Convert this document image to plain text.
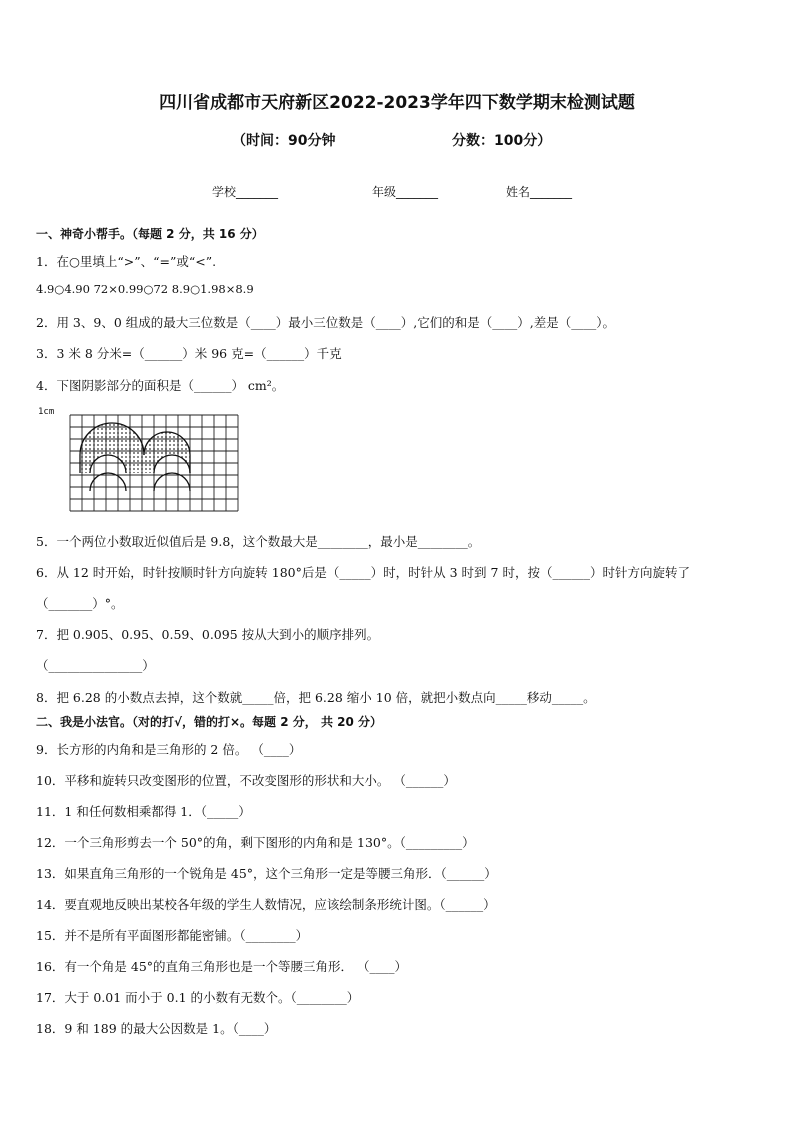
四川省成都市天府新区2022-2023学年四下数学期末检测试题
（时间：90分钟	分数：100分）
学校_______	年级_______	姓名_______
一、神奇小帮手。（每题 2 分，共 16 分）
1．在○里填上“>”、“=”或“<”.
4.9○4.90 72×0.99○72 8.9○1.98×8.9
2．用 3、9、0 组成的最大三位数是（____）最小三位数是（____）,它们的和是（____）,差是（____）。
3．3 米 8 分米=（______）米 96 克=（______）千克
4．下图阴影部分的面积是（______） cm²。
1cm
5．一个两位小数取近似值后是 9.8，这个数最大是________，最小是________。
6．从 12 时开始，时针按顺时针方向旋转 180°后是（_____）时，时针从 3 时到 7 时，按（______）时针方向旋转了
（_______）°。
7．把 0.905、0.95、0.59、0.095 按从大到小的顺序排列。
（_______________）
8．把 6.28 的小数点去掉，这个数就_____倍，把 6.28 缩小 10 倍，就把小数点向_____移动_____。
二、我是小法官。（对的打√，错的打×。每题 2 分， 共 20 分）
9．长方形的内角和是三角形的 2 倍。 （____）
10．平移和旋转只改变图形的位置，不改变图形的形状和大小。 （______）
11．1 和任何数相乘都得 1．（_____）
12．一个三角形剪去一个 50°的角，剩下图形的内角和是 130°。（_________）
13．如果直角三角形的一个锐角是 45°，这个三角形一定是等腰三角形．（______）
14．要直观地反映出某校各年级的学生人数情况，应该绘制条形统计图。（______）
15．并不是所有平面图形都能密铺。（________）
16．有一个角是 45°的直角三角形也是一个等腰三角形． （____）
17．大于 0.01 而小于 0.1 的小数有无数个。（________）
18．9 和 189 的最大公因数是 1。（____）
